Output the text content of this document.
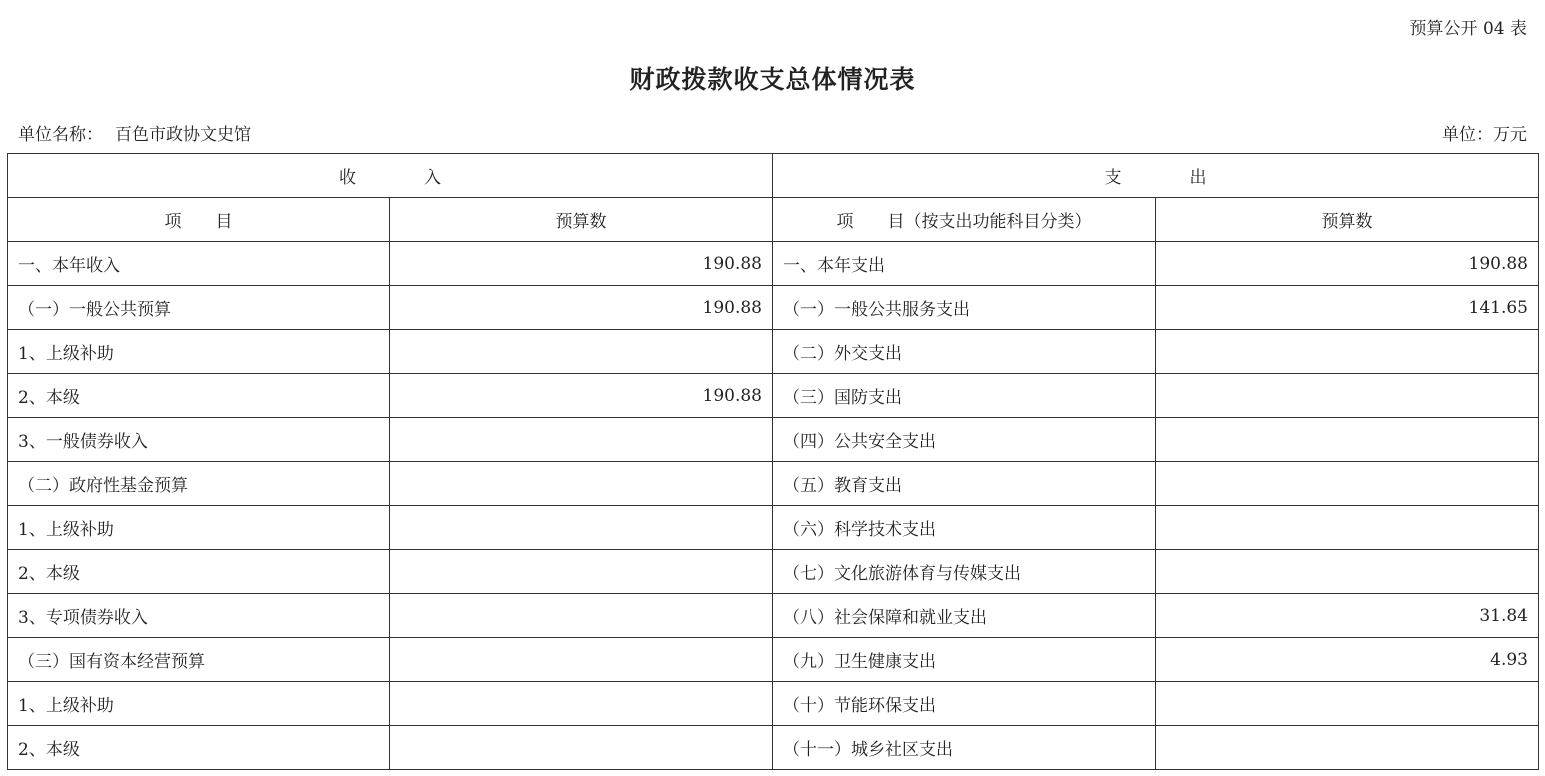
预算公开 04 表
财政拨款收支总体情况表
单位名称： 百色市政协文史馆	单位：万元
收　　　　入		支　　　　出	
项　　目	预算数	项　　目（按支出功能科目分类）	预算数
一、本年收入	190.88	一、本年支出	190.88
（一）一般公共预算	190.88	（一）一般公共服务支出	141.65
1、上级补助		（二）外交支出	
2、本级	190.88	（三）国防支出	
3、一般债券收入		（四）公共安全支出	
（二）政府性基金预算		（五）教育支出	
1、上级补助		（六）科学技术支出	
2、本级		（七）文化旅游体育与传媒支出	
3、专项债券收入		（八）社会保障和就业支出	31.84
（三）国有资本经营预算		（九）卫生健康支出	4.93
1、上级补助		（十）节能环保支出	
2、本级		（十一）城乡社区支出	
